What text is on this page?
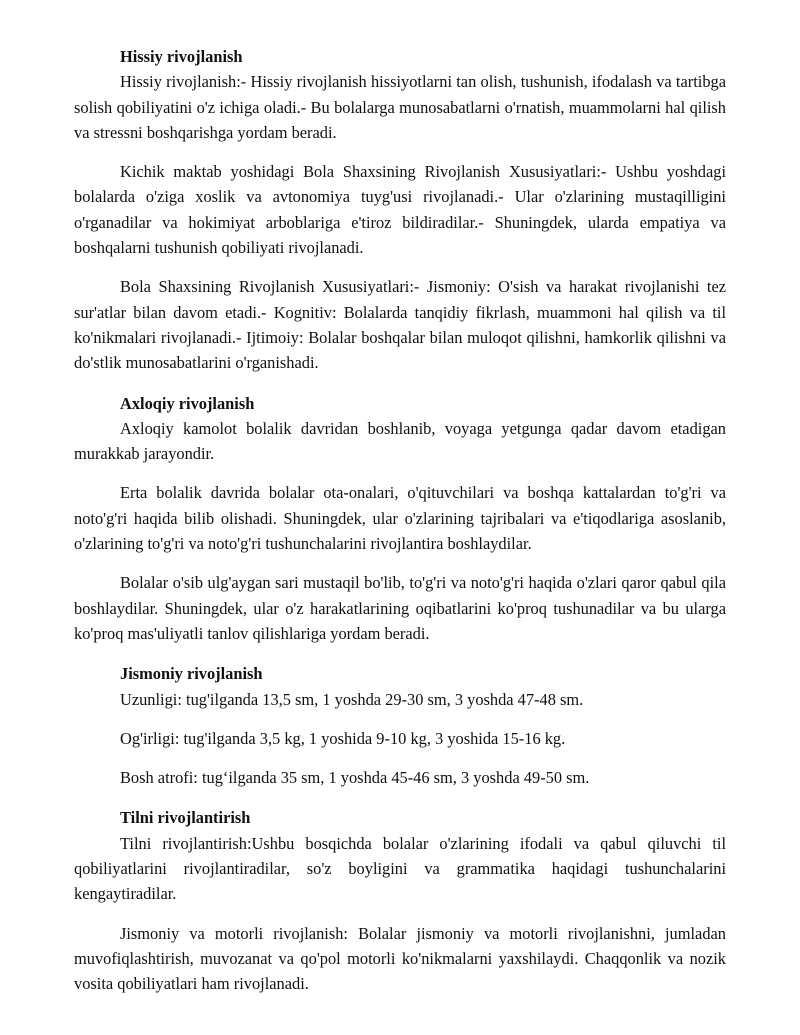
Hissiy rivojlanish

Hissiy rivojlanish:- Hissiy rivojlanish hissiyotlarni tan olish, tushunish, ifodalash va tartibga solish qobiliyatini o'z ichiga oladi.- Bu bolalarga munosabatlarni o'rnatish, muammolarni hal qilish va stressni boshqarishga yordam beradi.

Kichik maktab yoshidagi Bola Shaxsining Rivojlanish Xususiyatlari:- Ushbu yoshdagi bolalarda o'ziga xoslik va avtonomiya tuyg'usi rivojlanadi.- Ular o'zlarining mustaqilligini o'rganadilar va hokimiyat arboblariga e'tiroz bildiradilar.- Shuningdek, ularda empatiya va boshqalarni tushunish qobiliyati rivojlanadi.

Bola Shaxsining Rivojlanish Xususiyatlari:- Jismoniy: O'sish va harakat rivojlanishi tez sur'atlar bilan davom etadi.- Kognitiv: Bolalarda tanqidiy fikrlash, muammoni hal qilish va til ko'nikmalari rivojlanadi.- Ijtimoiy: Bolalar boshqalar bilan muloqot qilishni, hamkorlik qilishni va do'stlik munosabatlarini o'rganishadi.

Axloqiy rivojlanish

Axloqiy kamolot bolalik davridan boshlanib, voyaga yetgunga qadar davom etadigan murakkab jarayondir.

Erta bolalik davrida bolalar ota-onalari, o'qituvchilari va boshqa kattalardan to'g'ri va noto'g'ri haqida bilib olishadi. Shuningdek, ular o'zlarining tajribalari va e'tiqodlariga asoslanib, o'zlarining to'g'ri va noto'g'ri tushunchalarini rivojlantira boshlaydilar.

Bolalar o'sib ulg'aygan sari mustaqil bo'lib, to'g'ri va noto'g'ri haqida o'zlari qaror qabul qila boshlaydilar. Shuningdek, ular o'z harakatlarining oqibatlarini ko'proq tushunadilar va bu ularga ko'proq mas'uliyatli tanlov qilishlariga yordam beradi.

Jismoniy rivojlanish

Uzunligi: tug'ilganda 13,5 sm, 1 yoshda 29-30 sm, 3 yoshda 47-48 sm.

Og'irligi: tug'ilganda 3,5 kg, 1 yoshida 9-10 kg, 3 yoshida 15-16 kg.

Bosh atrofi: tug‘ilganda 35 sm, 1 yoshda 45-46 sm, 3 yoshda 49-50 sm.

Tilni rivojlantirish

Tilni rivojlantirish:Ushbu bosqichda bolalar o'zlarining ifodali va qabul qiluvchi til qobiliyatlarini rivojlantiradilar, so'z boyligini va grammatika haqidagi tushunchalarini kengaytiradilar.

Jismoniy va motorli rivojlanish: Bolalar jismoniy va motorli rivojlanishni, jumladan muvofiqlashtirish, muvozanat va qo'pol motorli ko'nikmalarni yaxshilaydi. Chaqqonlik va nozik vosita qobiliyatlari ham rivojlanadi.
